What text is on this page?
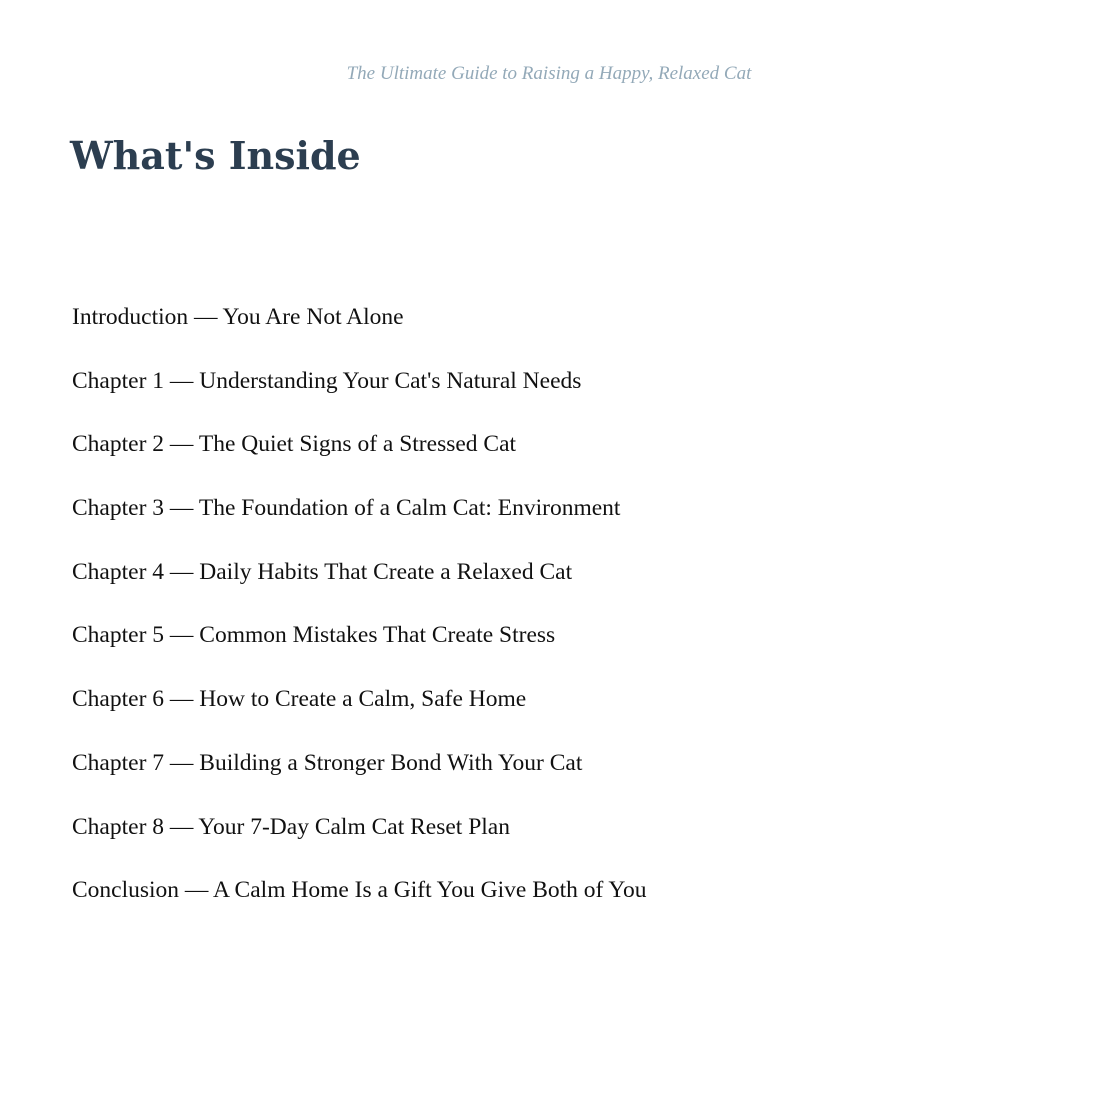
The Ultimate Guide to Raising a Happy, Relaxed Cat

What's Inside
Introduction — You Are Not Alone
Chapter 1 — Understanding Your Cat's Natural Needs
Chapter 2 — The Quiet Signs of a Stressed Cat
Chapter 3 — The Foundation of a Calm Cat: Environment
Chapter 4 — Daily Habits That Create a Relaxed Cat
Chapter 5 — Common Mistakes That Create Stress
Chapter 6 — How to Create a Calm, Safe Home
Chapter 7 — Building a Stronger Bond With Your Cat
Chapter 8 — Your 7-Day Calm Cat Reset Plan
Conclusion — A Calm Home Is a Gift You Give Both of You
